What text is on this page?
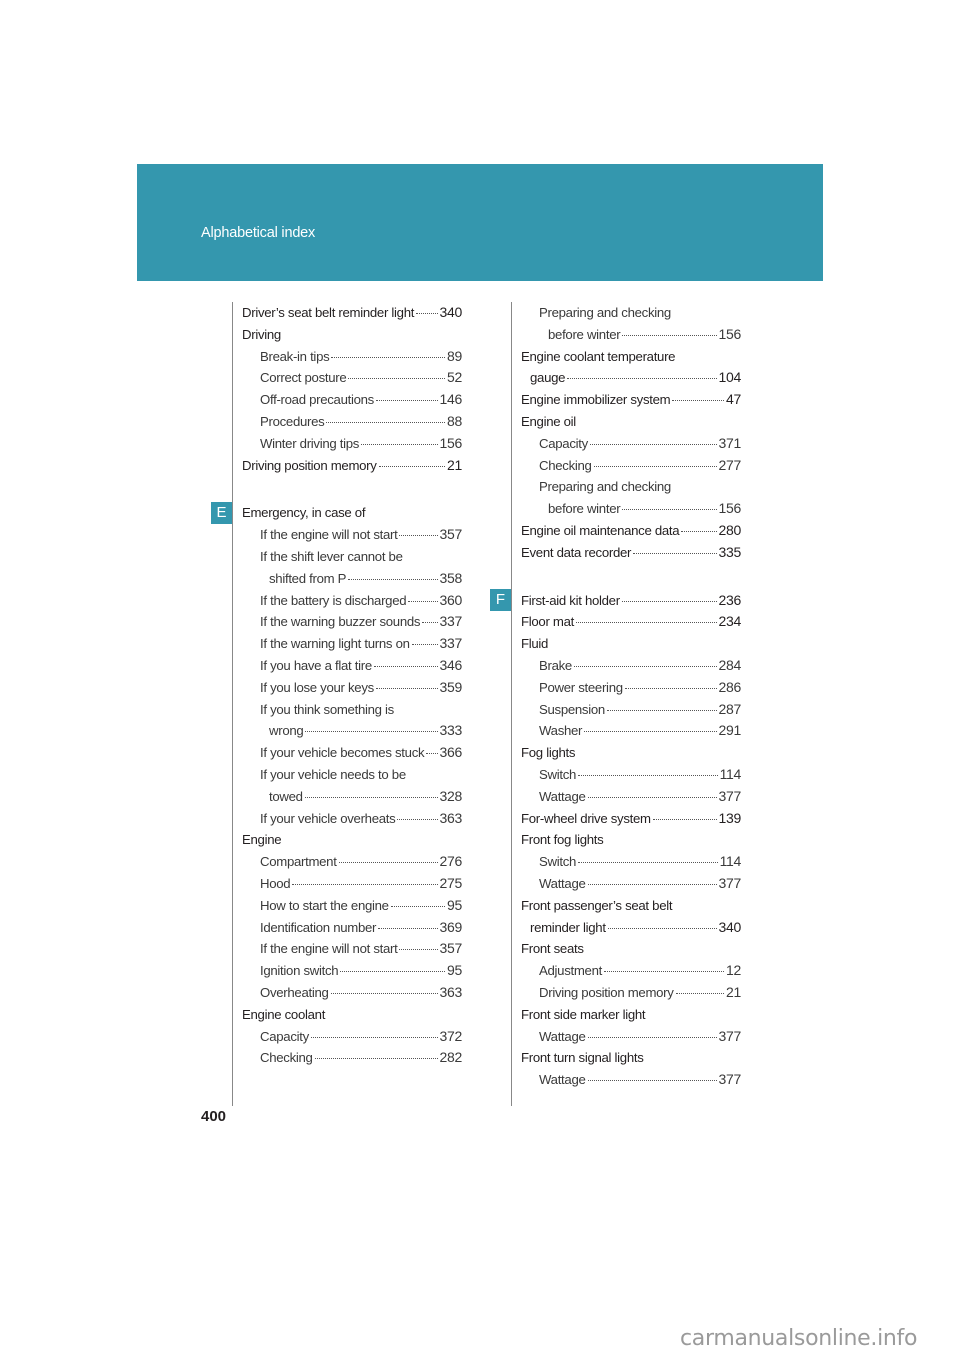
Alphabetical index
E
F
Driver’s seat belt reminder light 340
Driving
Break-in tips	89
Correct posture	52
Off-road precautions	146
Procedures	88
Winter driving tips	156
Driving position memory	21
Emergency, in case of
If the engine will not start	357
If the shift lever cannot be
shifted from P	358
If the battery is discharged 360
If the warning buzzer sounds 337
If the warning light turns on 337
If you have a flat tire	346
If you lose your keys	359
If you think something is
wrong	333
If your vehicle becomes stuck 366
If your vehicle needs to be
towed	328
If your vehicle overheats	363
Engine
Compartment	276
Hood	275
How to start the engine	95
Identification number	369
If the engine will not start	357
Ignition switch	95
Overheating	363
Engine coolant
Capacity	372
Checking	282
Preparing and checking
before winter	156
Engine coolant temperature
gauge	104
Engine immobilizer system	47
Engine oil
Capacity	371
Checking	277
Preparing and checking
before winter	156
Engine oil maintenance data	280
Event data recorder	335
First-aid kit holder	236
Floor mat	234
Fluid
Brake	284
Power steering	286
Suspension	287
Washer	291
Fog lights
Switch	114
Wattage	377
For-wheel drive system	139
Front fog lights
Switch	114
Wattage	377
Front passenger’s seat belt
reminder light	340
Front seats
Adjustment	12
Driving position memory	21
Front side marker light
Wattage	377
Front turn signal lights
Wattage	377
400
carmanualsonline.info
